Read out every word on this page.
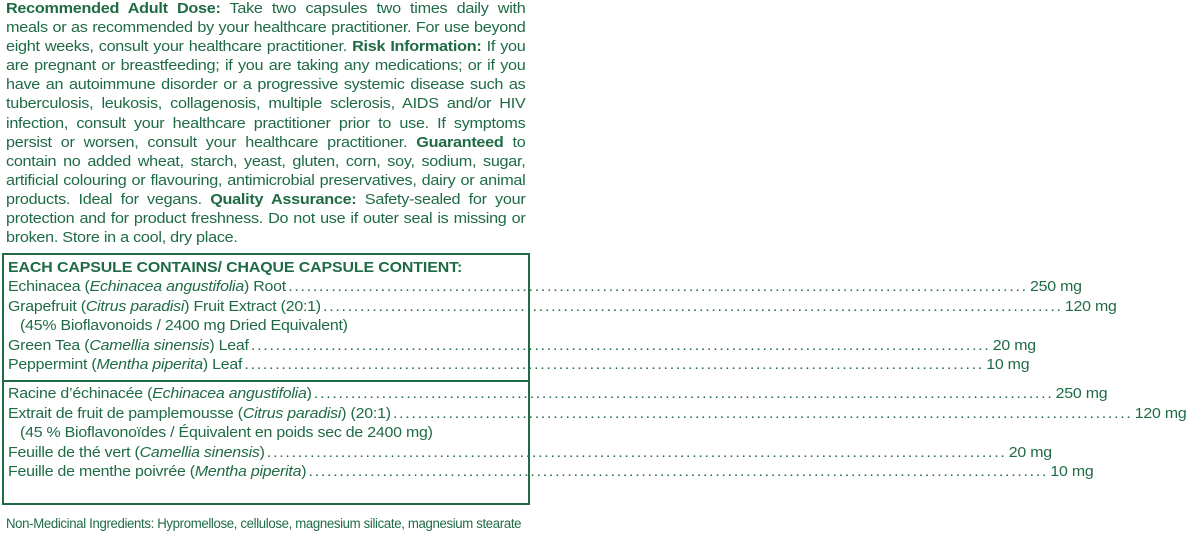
Recommended Adult Dose: Take two capsules two times daily with meals or as recommended by your healthcare practitioner. For use beyond eight weeks, consult your healthcare practitioner. Risk Information: If you are pregnant or breastfeeding; if you are taking any medications; or if you have an autoimmune disorder or a progressive systemic disease such as tuberculosis, leukosis, collagenosis, multiple sclerosis, AIDS and/or HIV infection, consult your healthcare practitioner prior to use. If symptoms persist or worsen, consult your healthcare practitioner. Guaranteed to contain no added wheat, starch, yeast, gluten, corn, soy, sodium, sugar, artificial colouring or flavouring, antimicrobial preservatives, dairy or animal products. Ideal for vegans. Quality Assurance: Safety-sealed for your protection and for product freshness. Do not use if outer seal is missing or broken. Store in a cool, dry place.
EACH CAPSULE CONTAINS/ CHAQUE CAPSULE CONTIENT:
Echinacea (Echinacea angustifolia) Root ........................................................................................................................ 250 mg
Grapefruit (Citrus paradisi) Fruit Extract (20:1) ........................................................................................................................ 120 mg
(45% Bioflavonoids / 2400 mg Dried Equivalent)
Green Tea (Camellia sinensis) Leaf ........................................................................................................................ 20 mg
Peppermint (Mentha piperita) Leaf ........................................................................................................................ 10 mg
Racine d’échinacée (Echinacea angustifolia) ........................................................................................................................ 250 mg
Extrait de fruit de pamplemousse (Citrus paradisi) (20:1) ........................................................................................................................ 120 mg
(45 % Bioflavonoïdes / Équivalent en poids sec de 2400 mg)
Feuille de thé vert (Camellia sinensis) ........................................................................................................................ 20 mg
Feuille de menthe poivrée (Mentha piperita) ........................................................................................................................ 10 mg
Non-Medicinal Ingredients: Hypromellose, cellulose, magnesium silicate, magnesium stearate
